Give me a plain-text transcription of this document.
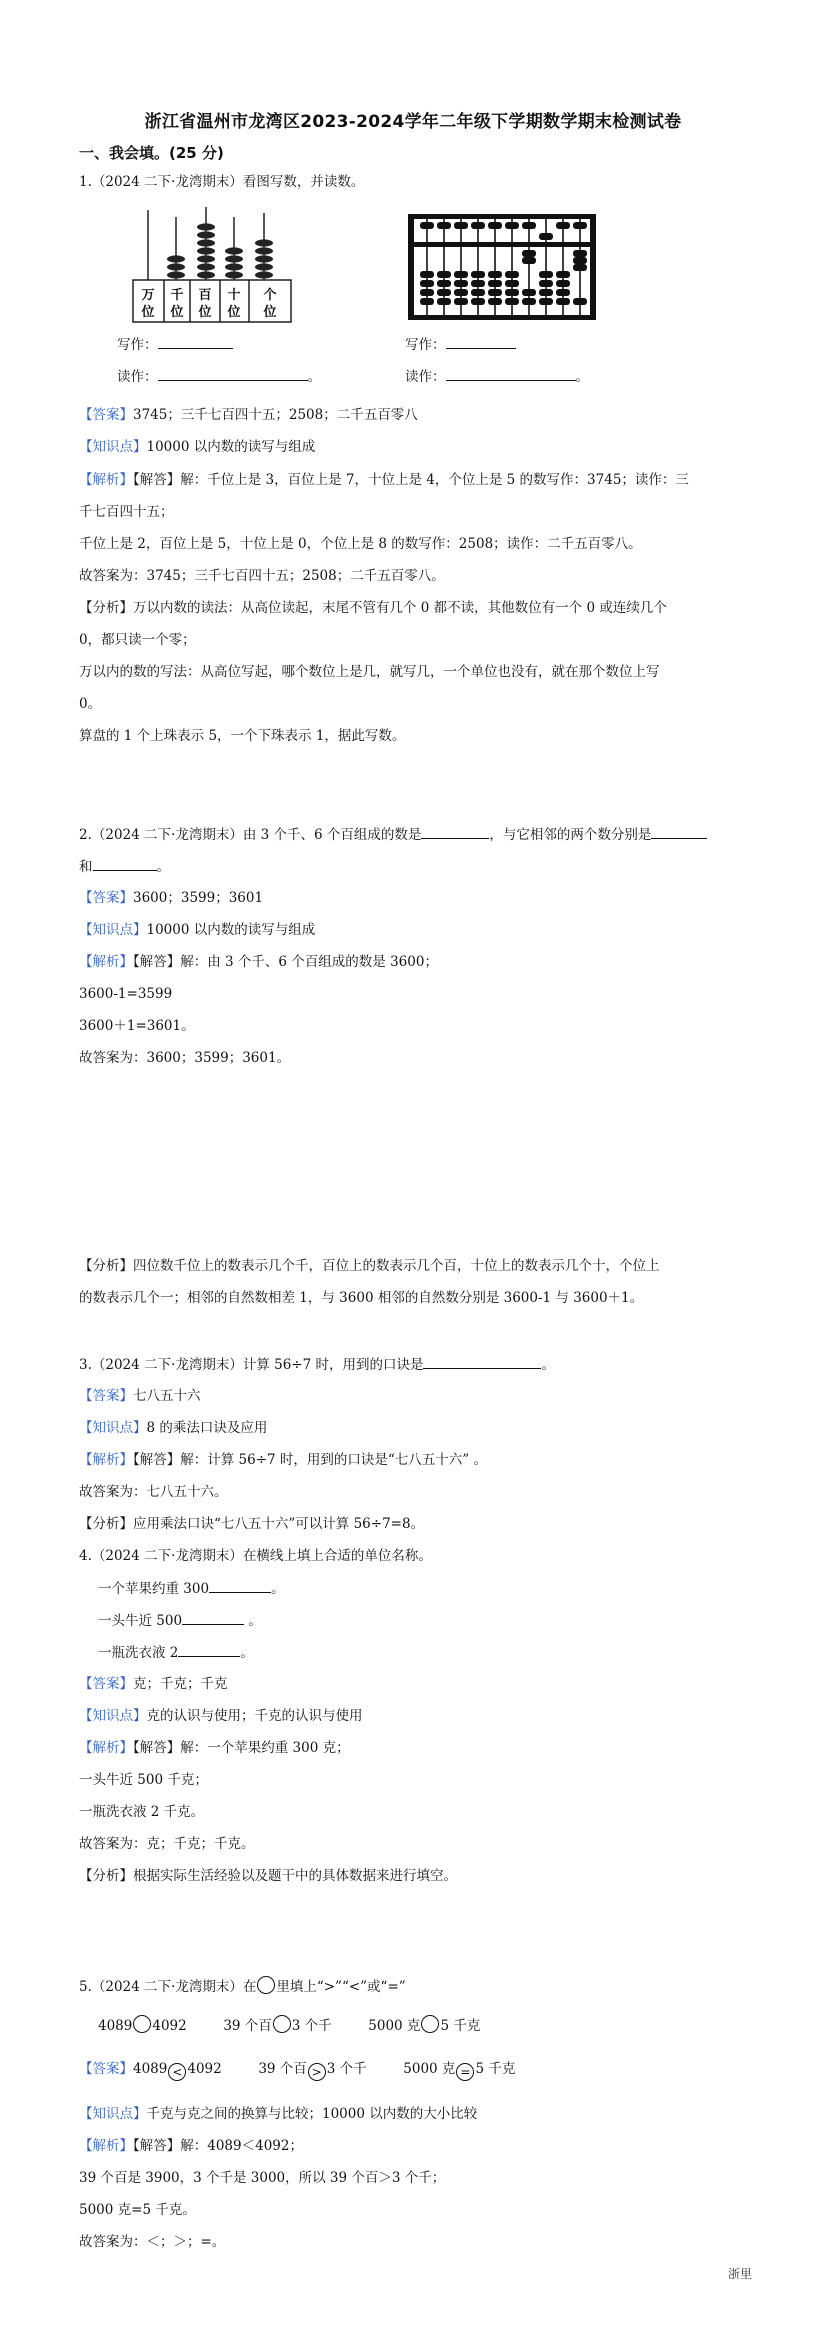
浙江省温州市龙湾区2023-2024学年二年级下学期数学期末检测试卷
一、我会填。(25 分)
1.（2024 二下·龙湾期末）看图写数，并读数。
万
位
千
位
百
位
十
位
个
位
写作：	写作：
读作：	。	读作：	。
【答案】3745；三千七百四十五；2508；二千五百零八
【知识点】10000 以内数的读写与组成
【解析】【解答】解：千位上是 3，百位上是 7，十位上是 4，个位上是 5 的数写作：3745；读作：三
千七百四十五；
千位上是 2，百位上是 5，十位上是 0，个位上是 8 的数写作：2508；读作：二千五百零八。
故答案为：3745；三千七百四十五；2508；二千五百零八。
【分析】万以内数的读法：从高位读起，末尾不管有几个 0 都不读，其他数位有一个 0 或连续几个
0，都只读一个零；
万以内的数的写法：从高位写起，哪个数位上是几，就写几，一个单位也没有，就在那个数位上写
0。
算盘的 1 个上珠表示 5，一个下珠表示 1，据此写数。
2.（2024 二下·龙湾期末）由 3 个千、6 个百组成的数是	，与它相邻的两个数分别是
和	。
【答案】3600；3599；3601
【知识点】10000 以内数的读写与组成
【解析】【解答】解：由 3 个千、6 个百组成的数是 3600；
3600-1=3599
3600＋1=3601。
故答案为：3600；3599；3601。
【分析】四位数千位上的数表示几个千，百位上的数表示几个百，十位上的数表示几个十，个位上
的数表示几个一；相邻的自然数相差 1，与 3600 相邻的自然数分别是 3600-1 与 3600＋1。
3.（2024 二下·龙湾期末）计算 56÷7 时，用到的口诀是	。
【答案】七八五十六
【知识点】8 的乘法口诀及应用
【解析】【解答】解：计算 56÷7 时，用到的口诀是“七八五十六” 。
故答案为：七八五十六。
【分析】应用乘法口诀“七八五十六”可以计算 56÷7=8。
4.（2024 二下·龙湾期末）在横线上填上合适的单位名称。
一个苹果约重 300	。
一头牛近 500	。
一瓶洗衣液 2	。
【答案】克；千克；千克
【知识点】克的认识与使用；千克的认识与使用
【解析】【解答】解：一个苹果约重 300 克；
一头牛近 500 千克；
一瓶洗衣液 2 千克。
故答案为：克；千克；千克。
【分析】根据实际生活经验以及题干中的具体数据来进行填空。
5.（2024 二下·龙湾期末）在 里填上“>”“<”或“=”
4089 4092	39 个百 3 个千	5000 克 5 千克
【答案】4089 < 4092	39 个百 > 3 个千	5000 克 = 5 千克
【知识点】千克与克之间的换算与比较；10000 以内数的大小比较
【解析】【解答】解：4089＜4092；
39 个百是 3900，3 个千是 3000，所以 39 个百＞3 个千；
5000 克=5 千克。
故答案为：＜；＞；=。
浙里
